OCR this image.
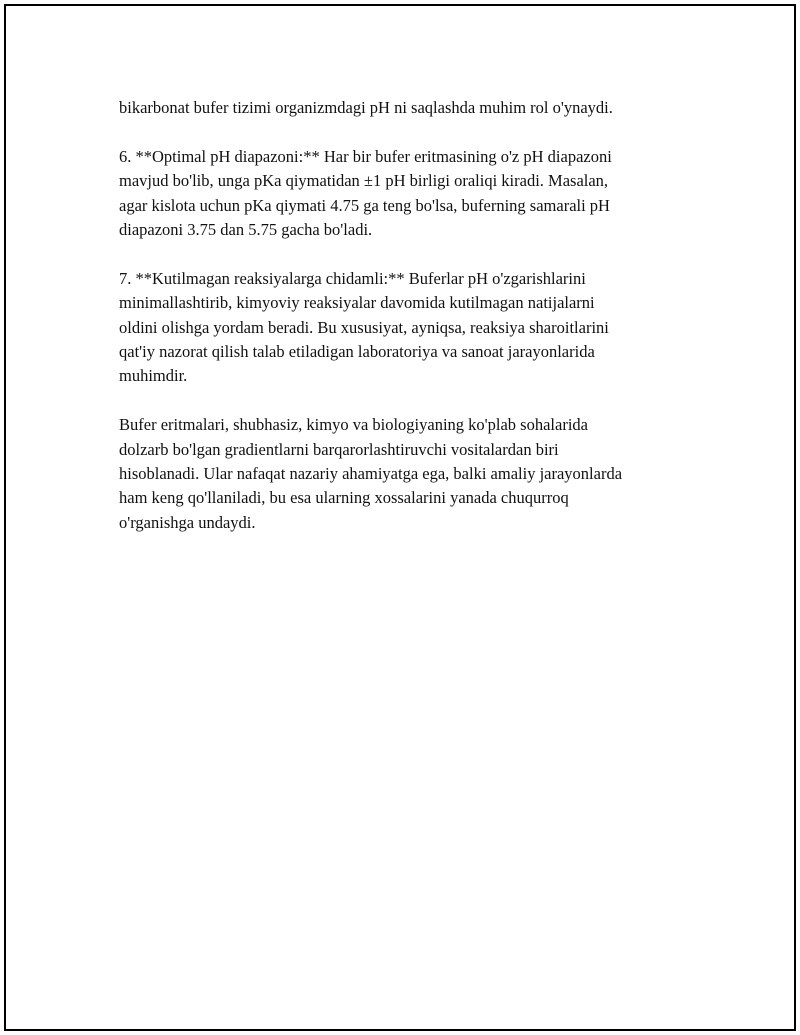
bikarbonat bufer tizimi organizmdagi pH ni saqlashda muhim rol o'ynaydi.

6. **Optimal pH diapazoni:** Har bir bufer eritmasining o'z pH diapazoni
mavjud bo'lib, unga pKa qiymatidan ±1 pH birligi oraliqi kiradi. Masalan,
agar kislota uchun pKa qiymati 4.75 ga teng bo'lsa, buferning samarali pH
diapazoni 3.75 dan 5.75 gacha bo'ladi.

7. **Kutilmagan reaksiyalarga chidamli:** Buferlar pH o'zgarishlarini
minimallashtirib, kimyoviy reaksiyalar davomida kutilmagan natijalarni
oldini olishga yordam beradi. Bu xususiyat, ayniqsa, reaksiya sharoitlarini
qat'iy nazorat qilish talab etiladigan laboratoriya va sanoat jarayonlarida
muhimdir.

Bufer eritmalari, shubhasiz, kimyo va biologiyaning ko'plab sohalarida
dolzarb bo'lgan gradientlarni barqarorlashtiruvchi vositalardan biri
hisoblanadi. Ular nafaqat nazariy ahamiyatga ega, balki amaliy jarayonlarda
ham keng qo'llaniladi, bu esa ularning xossalarini yanada chuqurroq
o'rganishga undaydi.
